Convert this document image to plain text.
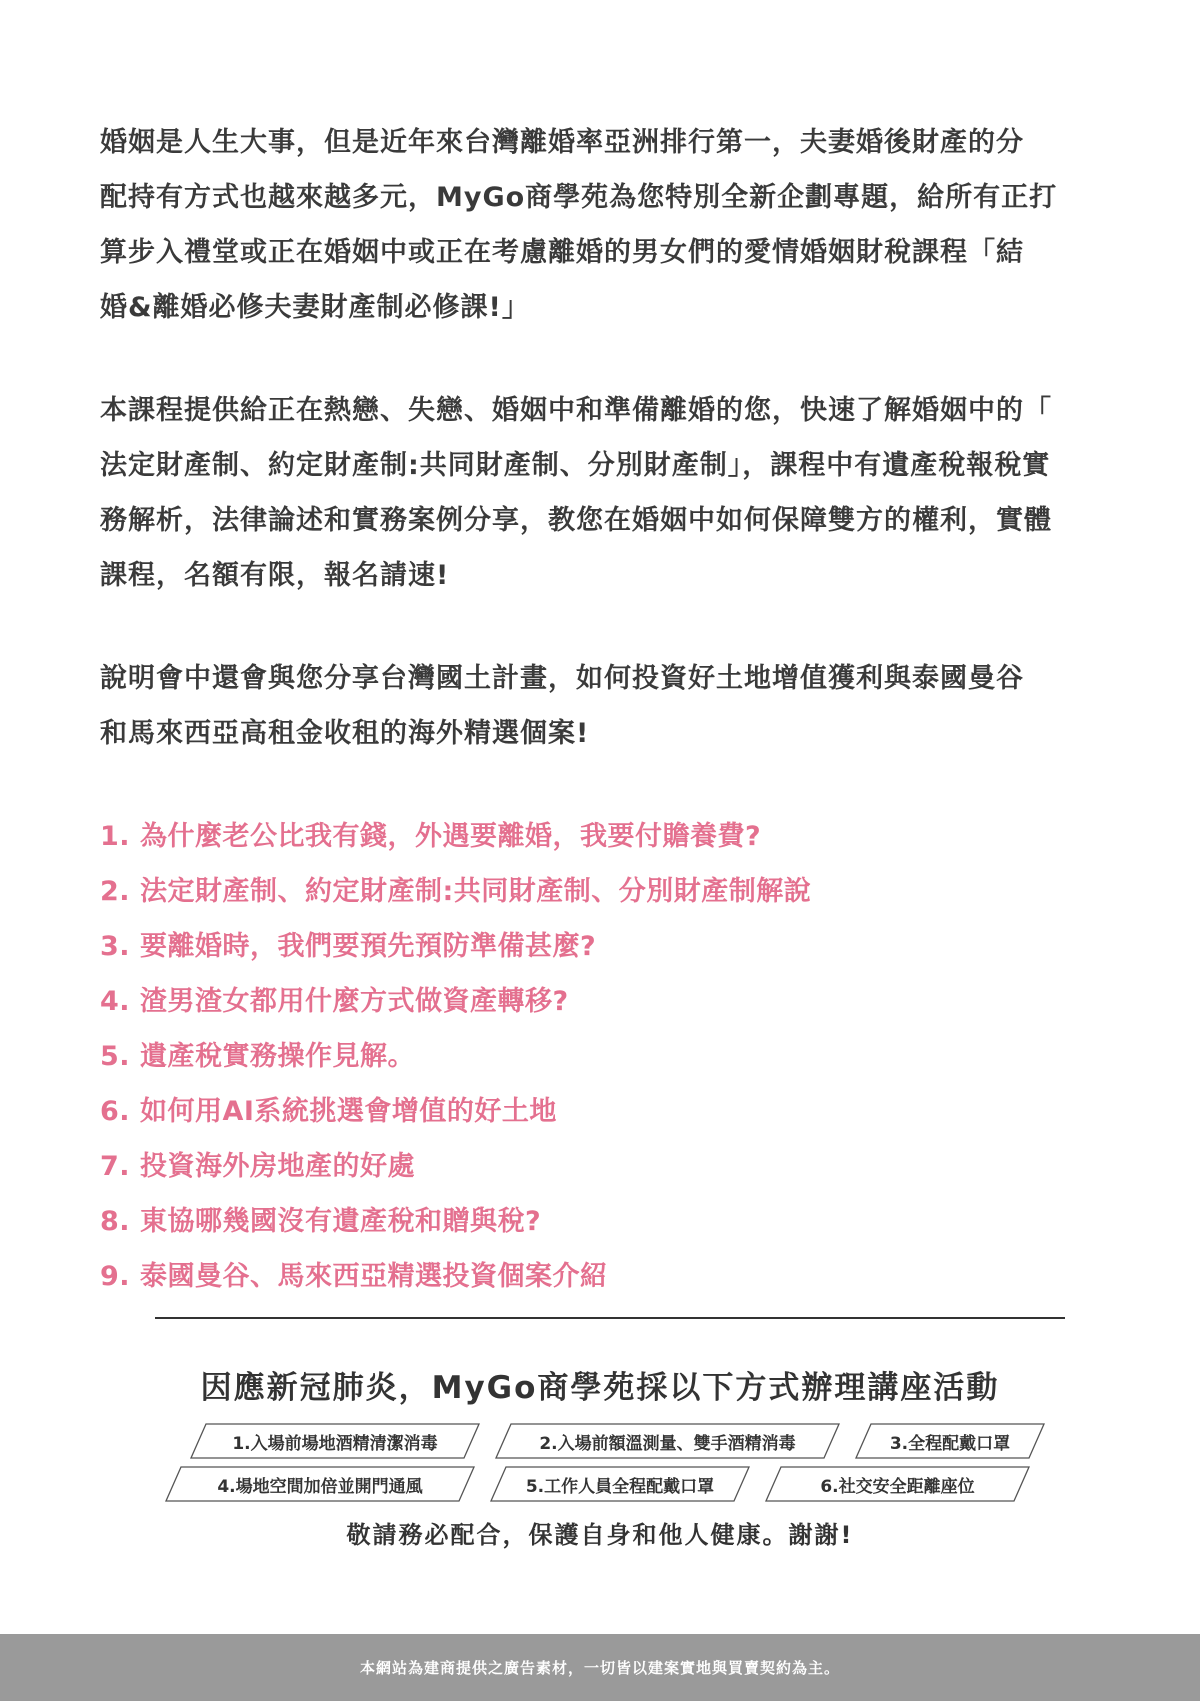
婚姻是人生大事，但是近年來台灣離婚率亞洲排行第一，夫妻婚後財產的分
配持有方式也越來越多元，MyGo商學苑為您特別全新企劃專題，給所有正打
算步入禮堂或正在婚姻中或正在考慮離婚的男女們的愛情婚姻財稅課程「結
婚&離婚必修夫妻財產制必修課!」

本課程提供給正在熱戀、失戀、婚姻中和準備離婚的您，快速了解婚姻中的「
法定財產制、約定財產制:共同財產制、分別財產制」，課程中有遺產稅報稅實
務解析，法律論述和實務案例分享，教您在婚姻中如何保障雙方的權利，實體
課程，名額有限，報名請速!

說明會中還會與您分享台灣國土計畫，如何投資好土地增值獲利與泰國曼谷
和馬來西亞高租金收租的海外精選個案!

1. 為什麼老公比我有錢，外遇要離婚，我要付贍養費?
2. 法定財產制、約定財產制:共同財產制、分別財產制解說
3. 要離婚時，我們要預先預防準備甚麼?
4. 渣男渣女都用什麼方式做資產轉移?
5. 遺產稅實務操作見解。
6. 如何用AI系統挑選會增值的好土地
7. 投資海外房地產的好處
8. 東協哪幾國沒有遺產稅和贈與稅?
9. 泰國曼谷、馬來西亞精選投資個案介紹
因應新冠肺炎，MyGo商學苑採以下方式辦理講座活動
1.入場前場地酒精清潔消毒	2.入場前額溫測量、雙手酒精消毒	3.全程配戴口罩
4.場地空間加倍並開門通風	5.工作人員全程配戴口罩	6.社交安全距離座位
敬請務必配合，保護自身和他人健康。謝謝!
本網站為建商提供之廣告素材，一切皆以建案實地與買賣契約為主。
